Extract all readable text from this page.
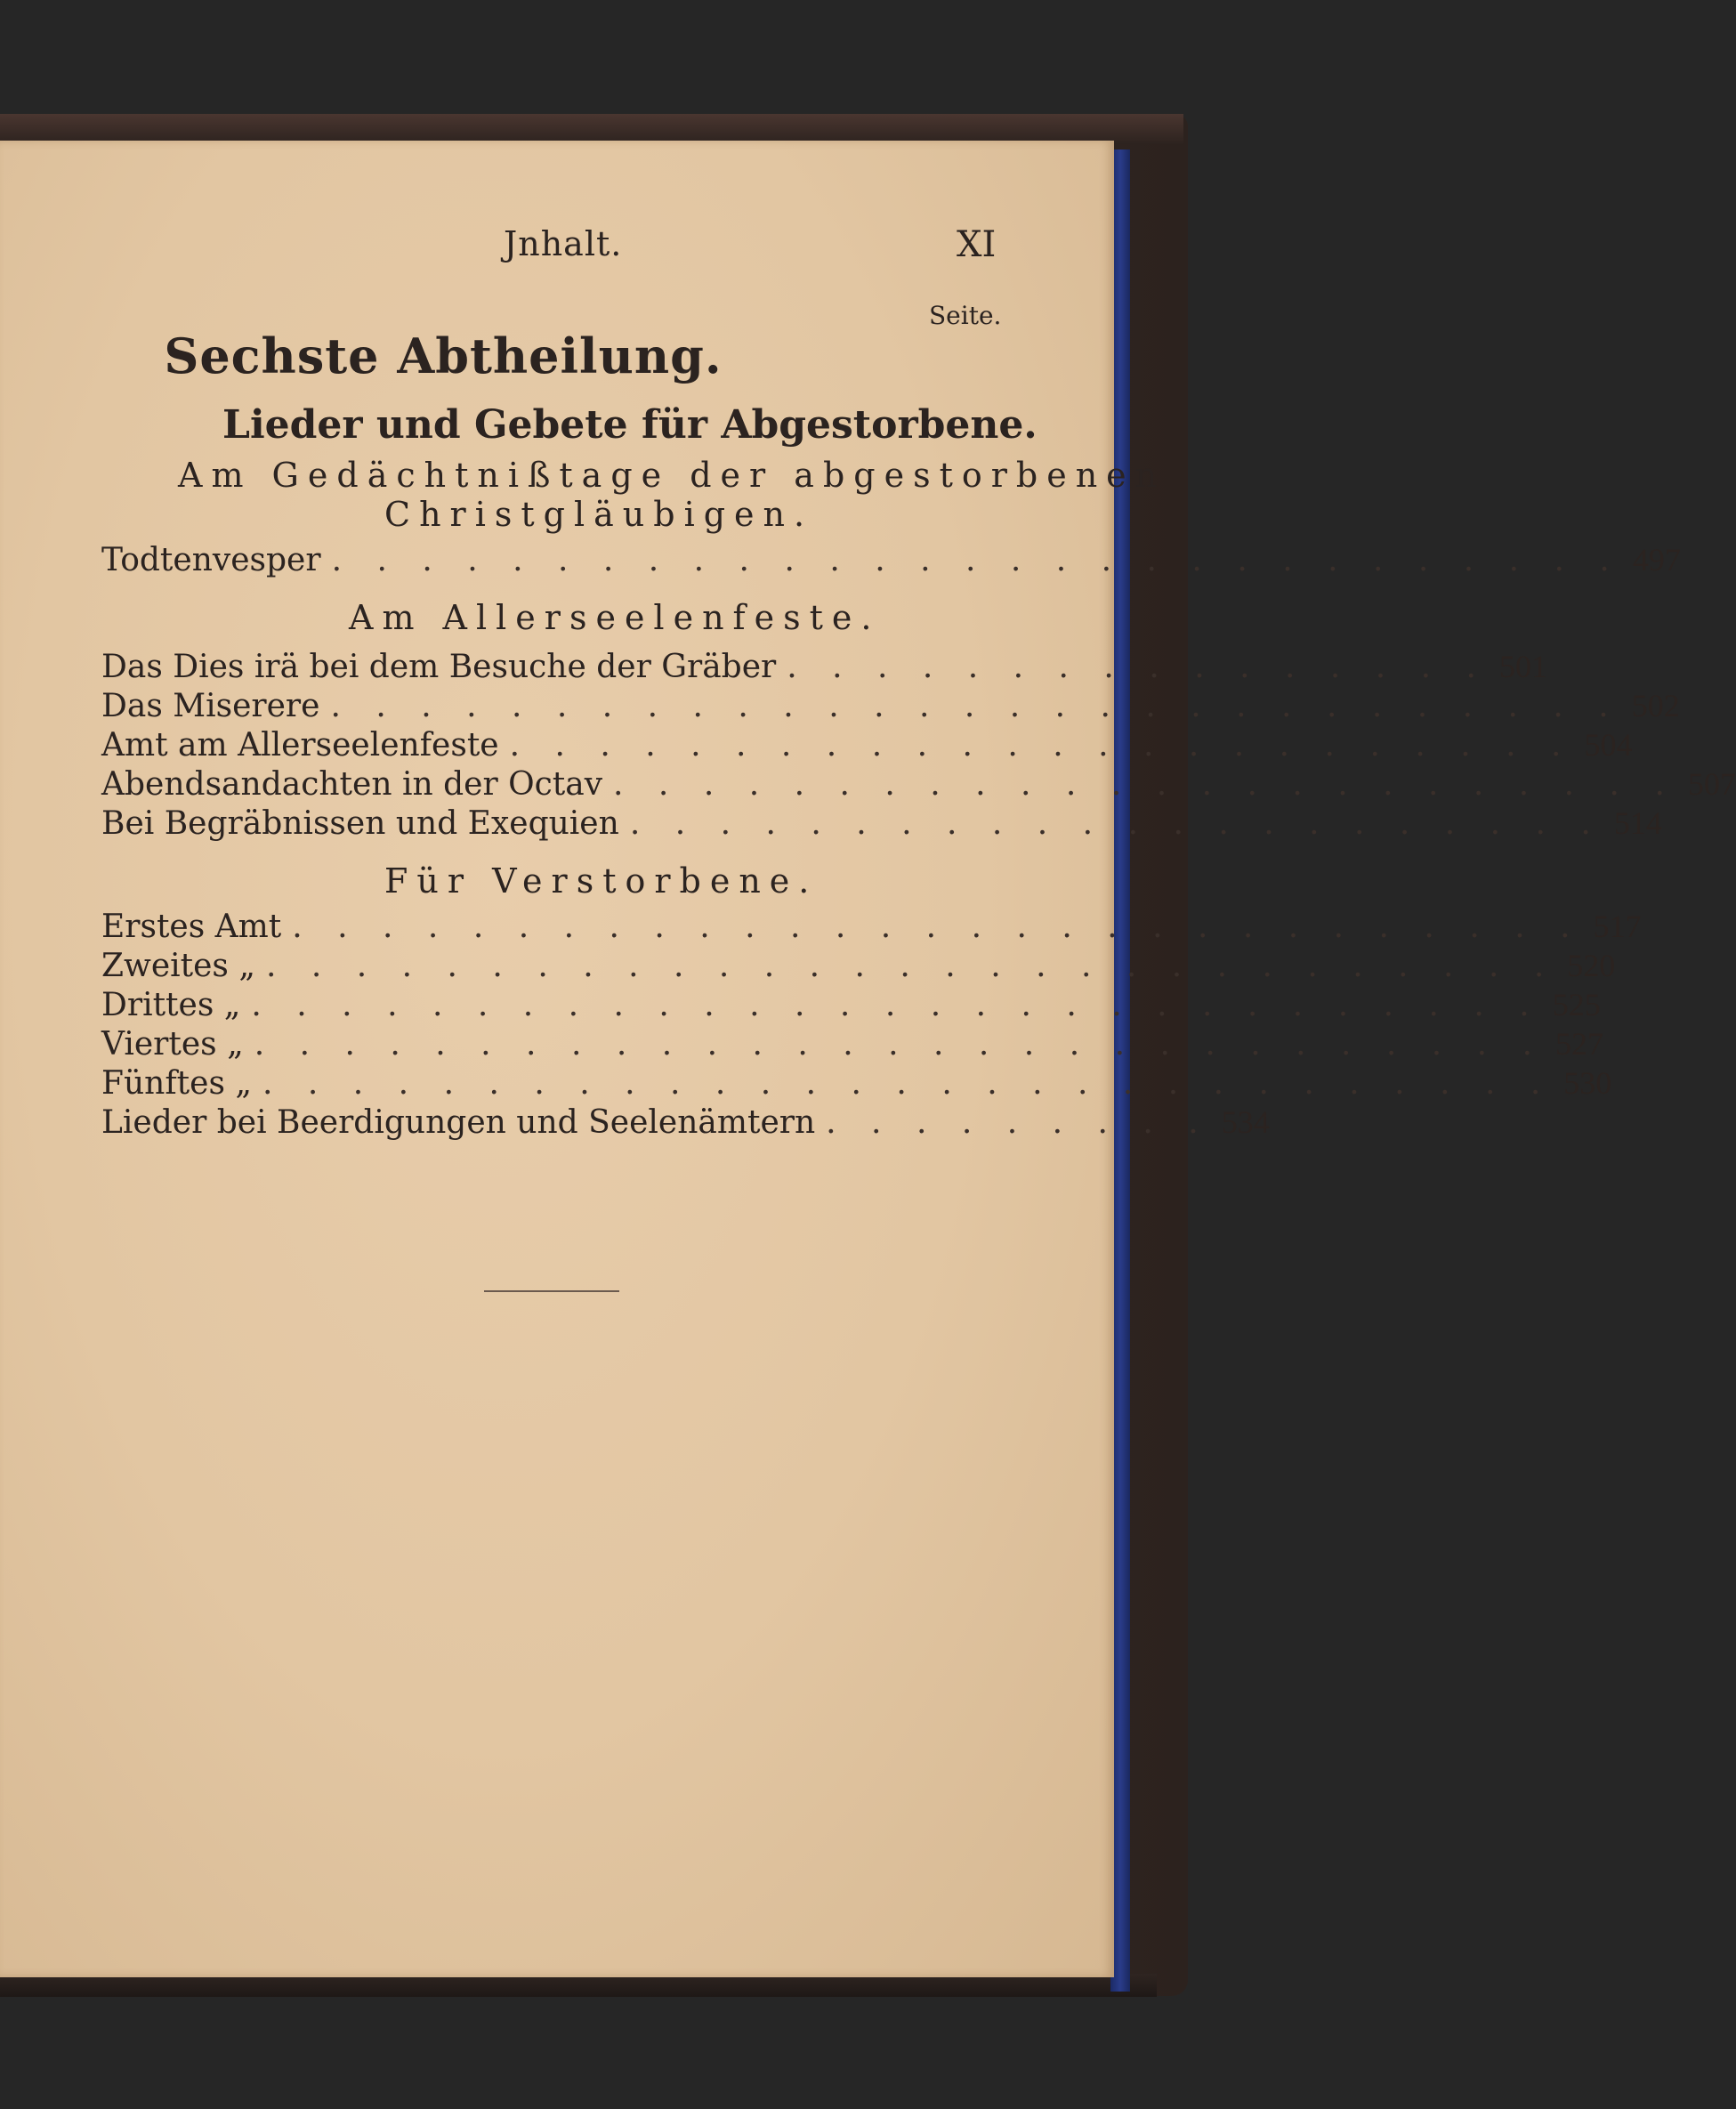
Jnhalt.	XI
Seite.
Sechste Abtheilung.
Lieder und Gebete für Abgestorbene.
Am Gedächtnißtage der abgestorbenen
Christgläubigen.
Todtenvesper . . . . . . . . . . . . . . . . . . . . . . . . . . . . . 497
Am Allerseelenfeste.
Das Dies irä bei dem Besuche der Gräber . . . . . . . . . . . . . . . . 501
Das Miserere . . . . . . . . . . . . . . . . . . . . . . . . . . . . . 502
Amt am Allerseelenfeste . . . . . . . . . . . . . . . . . . . . . . . . 504
Abendsandachten in der Octav . . . . . . . . . . . . . . . . . . . . . . . . 507
Bei Begräbnissen und Exequien . . . . . . . . . . . . . . . . . . . . . . 514
Für Verstorbene.
Erstes Amt . . . . . . . . . . . . . . . . . . . . . . . . . . . . . 517
Zweites „ . . . . . . . . . . . . . . . . . . . . . . . . . . . . . 520
Drittes „ . . . . . . . . . . . . . . . . . . . . . . . . . . . . . 525
Viertes „ . . . . . . . . . . . . . . . . . . . . . . . . . . . . . 527
Fünftes „ . . . . . . . . . . . . . . . . . . . . . . . . . . . . . 530
Lieder bei Beerdigungen und Seelenämtern . . . . . . . . . 534
